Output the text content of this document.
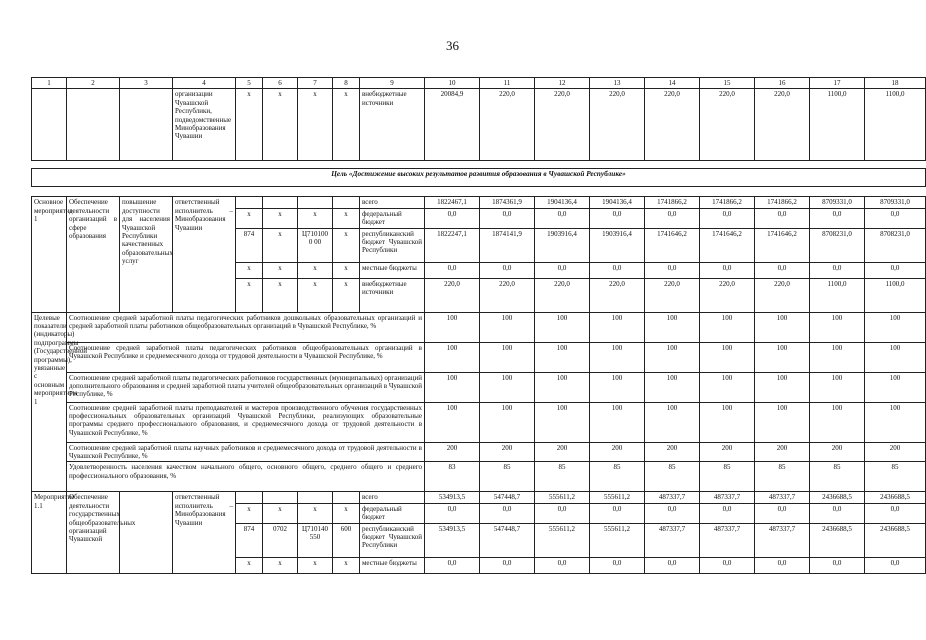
36
1	2	3	4	5	6	7	8	9	10	11	12	13	14	15	16	17	18
			организации Чувашской Республики, подведомственные Минобразования Чувашии	x	x	x	x	внебюджетные источники	20084,9	220,0	220,0	220,0	220,0	220,0	220,0	1100,0	1100,0

Цель «Достижение высоких результатов развития образования в Чувашской Республике»																	

Основное мероприятие 1	Обеспечение деятельности организаций в сфере образования	повышение доступности для населения Чувашской Республики качественных образовательных услуг	ответственный исполнитель – Минобразования Чувашии					всего	1822467,1	1874361,9	1904136,4	1904136,4	1741866,2	1741866,2	1741866,2	8709331,0	8709331,0
				x	x	x	x	федеральный бюджет	0,0	0,0	0,0	0,0	0,0	0,0	0,0	0,0	0,0
				874	x	Ц710100 0 00	x	республиканский бюджет Чувашской Республики	1822247,1	1874141,9	1903916,4	1903916,4	1741646,2	1741646,2	1741646,2	8708231,0	8708231,0
				x	x	x	x	местные бюджеты	0,0	0,0	0,0	0,0	0,0	0,0	0,0	0,0	0,0
				x	x	x	x	внебюджетные источники	220,0	220,0	220,0	220,0	220,0	220,0	220,0	1100,0	1100,0
Целевые показатели (индикаторы) подпрограммы (Государственной программы), увязанные с основным мероприятием 1	Соотношение средней заработной платы педагогических работников дошкольных образовательных организаций и средней заработной платы работников общеобразовательных организаций в Чувашской Республике, %								100	100	100	100	100	100	100	100	100
	Соотношение средней заработной платы педагогических работников общеобразовательных организаций в Чувашской Республике и среднемесячного дохода от трудовой деятельности в Чувашской Республике, %								100	100	100	100	100	100	100	100	100
	Соотношение средней заработной платы педагогических работников государственных (муниципальных) организаций дополнительного образования и средней заработной платы учителей общеобразовательных организаций в Чувашской Республике, %								100	100	100	100	100	100	100	100	100
	Соотношение средней заработной платы преподавателей и мастеров производственного обучения государственных профессиональных образовательных организаций Чувашской Республики, реализующих образовательные программы среднего профессионального образования, и среднемесячного дохода от трудовой деятельности в Чувашской Республике, %								100	100	100	100	100	100	100	100	100
	Соотношение средней заработной платы научных работников и среднемесячного дохода от трудовой деятельности в Чувашской Республике, %								200	200	200	200	200	200	200	200	200
	Удовлетворенность населения качеством начального общего, основного общего, среднего общего и среднего профессионального образования, %								83	85	85	85	85	85	85	85	85
Мероприятие 1.1	Обеспечение деятельности государственных общеобразовательных организаций Чувашской		ответственный исполнитель – Минобразования Чувашии					всего	534913,5	547448,7	555611,2	555611,2	487337,7	487337,7	487337,7	2436688,5	2436688,5
				x	x	x	x	федеральный бюджет	0,0	0,0	0,0	0,0	0,0	0,0	0,0	0,0	0,0
				874	0702	Ц710140 550	600	республиканский бюджет Чувашской Республики	534913,5	547448,7	555611,2	555611,2	487337,7	487337,7	487337,7	2436688,5	2436688,5
				x	x	x	x	местные бюджеты	0,0	0,0	0,0	0,0	0,0	0,0	0,0	0,0	0,0
